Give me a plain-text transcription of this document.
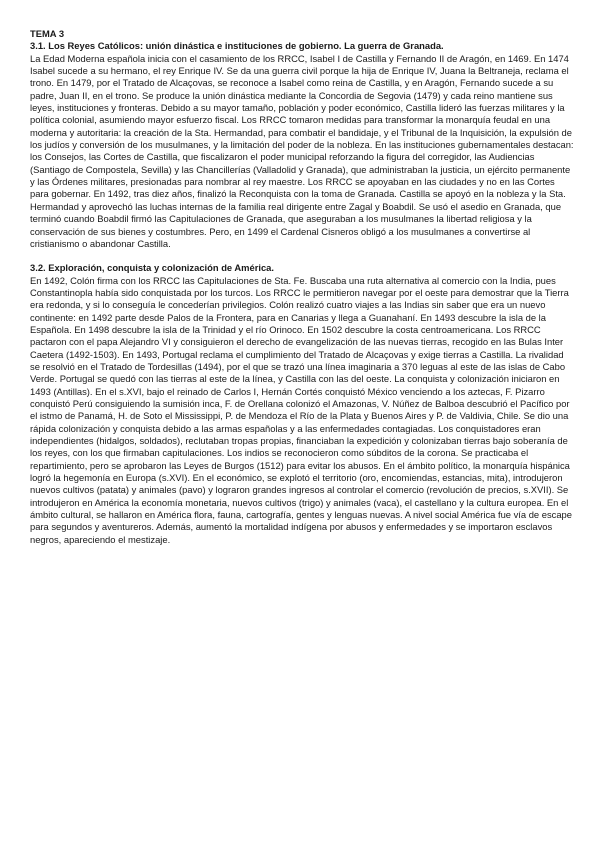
TEMA 3

3.1. Los Reyes Católicos: unión dinástica e instituciones de gobierno. La guerra de Granada.

La Edad Moderna española inicia con el casamiento de los RRCC, Isabel I de Castilla y Fernando II de Aragón, en 1469. En 1474 Isabel sucede a su hermano, el rey Enrique IV. Se da una guerra civil porque la hija de Enrique IV, Juana la Beltraneja, reclama el trono. En 1479, por el Tratado de Alcaçovas, se reconoce a Isabel como reina de Castilla, y en Aragón, Fernando sucede a su padre, Juan II, en el trono. Se produce la unión dinástica mediante la Concordia de Segovia (1479) y cada reino mantiene sus leyes, instituciones y fronteras. Debido a su mayor tamaño, población y poder económico, Castilla lideró las fuerzas militares y la política colonial, asumiendo mayor esfuerzo fiscal. Los RRCC tomaron medidas para transformar la monarquía feudal en una moderna y autoritaria: la creación de la Sta. Hermandad, para combatir el bandidaje, y el Tribunal de la Inquisición, la expulsión de los judíos y conversión de los musulmanes, y la limitación del poder de la nobleza. En las instituciones gubernamentales destacan: los Consejos, las Cortes de Castilla, que fiscalizaron el poder municipal reforzando la figura del corregidor, las Audiencias (Santiago de Compostela, Sevilla) y las Chancillerías (Valladolid y Granada), que administraban la justicia, un ejército permanente y las Órdenes militares, presionadas para nombrar al rey maestre. Los RRCC se apoyaban en las ciudades y no en las Cortes para gobernar. En 1492, tras diez años, finalizó la Reconquista con la toma de Granada. Castilla se apoyó en la nobleza y la Sta. Hermandad y aprovechó las luchas internas de la familia real dirigente entre Zagal y Boabdil. Se usó el asedio en Granada, que terminó cuando Boabdil firmó las Capitulaciones de Granada, que aseguraban a los musulmanes la libertad religiosa y la conservación de sus bienes y costumbres. Pero, en 1499 el Cardenal Cisneros obligó a los musulmanes a convertirse al cristianismo o abandonar Castilla.

3.2. Exploración, conquista y colonización de América.

En 1492, Colón firma con los RRCC las Capitulaciones de Sta. Fe. Buscaba una ruta alternativa al comercio con la India, pues Constantinopla había sido conquistada por los turcos. Los RRCC le permitieron navegar por el oeste para demostrar que la Tierra era redonda, y si lo conseguía le concederían privilegios. Colón realizó cuatro viajes a las Indias sin saber que era un nuevo continente: en 1492 parte desde Palos de la Frontera, para en Canarias y llega a Guanahaní. En 1493 descubre la isla de la Española. En 1498 descubre la isla de la Trinidad y el río Orinoco. En 1502 descubre la costa centroamericana. Los RRCC pactaron con el papa Alejandro VI y consiguieron el derecho de evangelización de las nuevas tierras, recogido en las Bulas Inter Caetera (1492-1503). En 1493, Portugal reclama el cumplimiento del Tratado de Alcaçovas y exige tierras a Castilla. La rivalidad se resolvió en el Tratado de Tordesillas (1494), por el que se trazó una línea imaginaria a 370 leguas al este de las islas de Cabo Verde. Portugal se quedó con las tierras al este de la línea, y Castilla con las del oeste. La conquista y colonización iniciaron en 1493 (Antillas). En el s.XVI, bajo el reinado de Carlos I, Hernán Cortés conquistó México venciendo a los aztecas, F. Pizarro conquistó Perú consiguiendo la sumisión inca, F. de Orellana colonizó el Amazonas, V. Núñez de Balboa descubrió el Pacífico por el istmo de Panamá, H. de Soto el Mississippi, P. de Mendoza el Río de la Plata y Buenos Aires y P. de Valdivia, Chile. Se dio una rápida colonización y conquista debido a las armas españolas y a las enfermedades contagiadas. Los conquistadores eran independientes (hidalgos, soldados), reclutaban tropas propias, financiaban la expedición y colonizaban tierras bajo soberanía de los reyes, con los que firmaban capitulaciones. Los indios se reconocieron como súbditos de la corona. Se practicaba el repartimiento, pero se aprobaron las Leyes de Burgos (1512) para evitar los abusos. En el ámbito político, la monarquía hispánica logró la hegemonía en Europa (s.XVI). En el económico, se explotó el territorio (oro, encomiendas, estancias, mita), introdujeron nuevos cultivos (patata) y animales (pavo) y lograron grandes ingresos al controlar el comercio (revolución de precios, s.XVII). Se introdujeron en América la economía monetaria, nuevos cultivos (trigo) y animales (vaca), el castellano y la cultura europea. En el ámbito cultural, se hallaron en América flora, fauna, cartografía, gentes y lenguas nuevas. A nivel social América fue vía de escape para segundos y aventureros. Además, aumentó la mortalidad indígena por abusos y enfermedades y se importaron esclavos negros, apareciendo el mestizaje.
